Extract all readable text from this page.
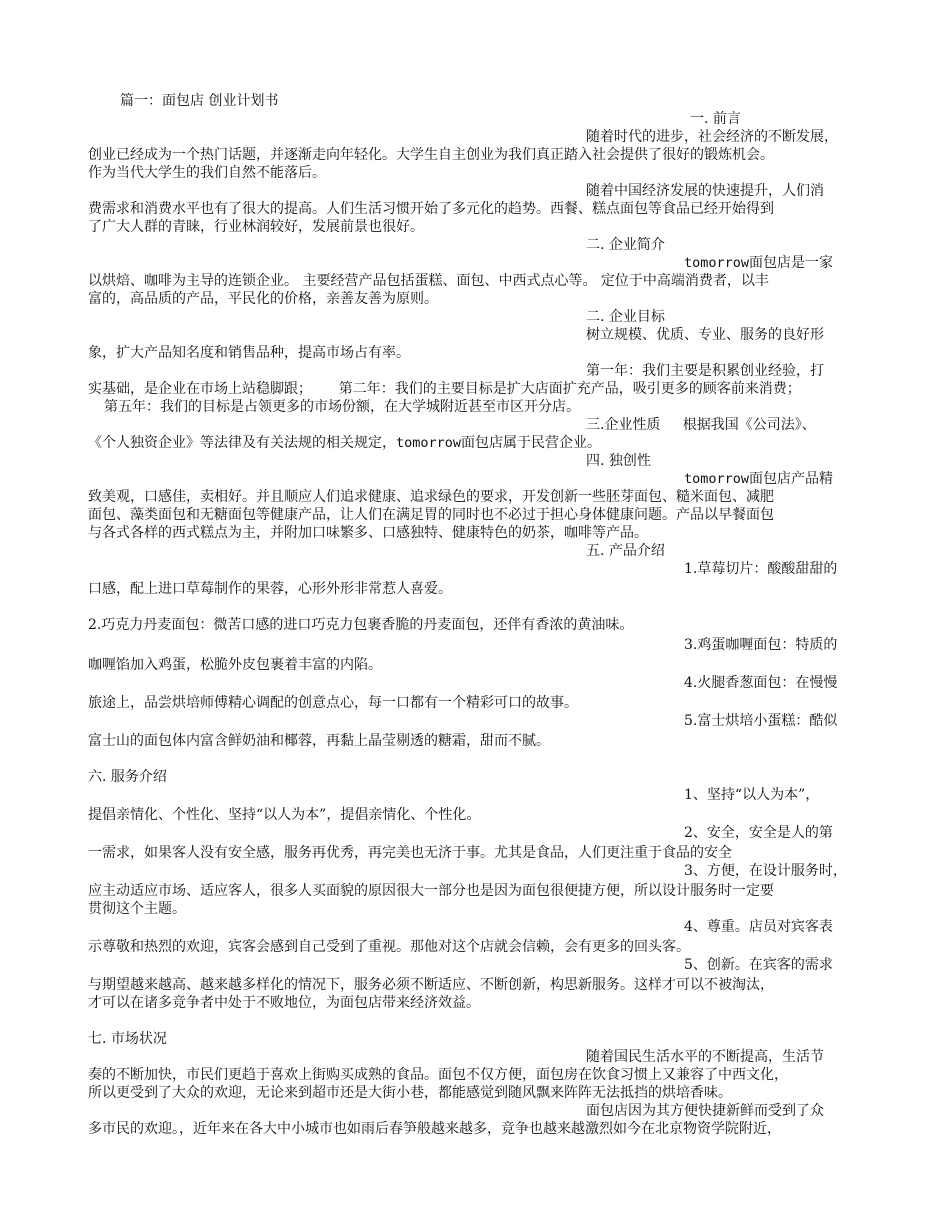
篇一：面包店 创业计划书
一. 前言
随着时代的进步，社会经济的不断发展，
创业已经成为一个热门话题，并逐渐走向年轻化。大学生自主创业为我们真正踏入社会提供了很好的锻炼机会。
作为当代大学生的我们自然不能落后。
随着中国经济发展的快速提升，人们消
费需求和消费水平也有了很大的提高。人们生活习惯开始了多元化的趋势。西餐、糕点面包等食品已经开始得到
了广大人群的青睐，行业林润较好，发展前景也很好。
二. 企业简介
tomorrow面包店是一家
以烘焙、咖啡为主导的连锁企业。 主要经营产品包括蛋糕、面包、中西式点心等。 定位于中高端消费者，以丰
富的，高品质的产品，平民化的价格，亲善友善为原则。
二. 企业目标
树立规模、优质、专业、服务的良好形
象，扩大产品知名度和销售品种，提高市场占有率。
第一年：我们主要是积累创业经验，打
实基础，是企业在市场上站稳脚跟；      第二年：我们的主要目标是扩大店面扩充产品，吸引更多的顾客前来消费；
第五年：我们的目标是占领更多的市场份额，在大学城附近甚至市区开分店。
三.企业性质     根据我国《公司法》、
《个人独资企业》等法律及有关法规的相关规定，tomorrow面包店属于民营企业。
四. 独创性
tomorrow面包店产品精
致美观，口感佳，卖相好。并且顺应人们追求健康、追求绿色的要求，开发创新一些胚芽面包、糙米面包、减肥
面包、藻类面包和无糖面包等健康产品，让人们在满足胃的同时也不必过于担心身体健康问题。产品以早餐面包
与各式各样的西式糕点为主，并附加口味繁多、口感独特、健康特色的奶茶，咖啡等产品。
五. 产品介绍
1.草莓切片：酸酸甜甜的
口感，配上进口草莓制作的果蓉，心形外形非常惹人喜爱。
2.巧克力丹麦面包：微苦口感的进口巧克力包裹香脆的丹麦面包，还伴有香浓的黄油味。
3.鸡蛋咖喱面包：特质的
咖喱馅加入鸡蛋，松脆外皮包裹着丰富的内陷。
4.火腿香葱面包：在慢慢
旅途上，品尝烘培师傅精心调配的创意点心，每一口都有一个精彩可口的故事。
5.富士烘培小蛋糕：酷似
富士山的面包体内富含鲜奶油和椰蓉，再黏上晶莹剔透的糖霜，甜而不腻。
六. 服务介绍
1、坚持“以人为本”，
提倡亲情化、个性化、坚持“以人为本”，提倡亲情化、个性化。
2、安全，安全是人的第
一需求，如果客人没有安全感，服务再优秀，再完美也无济于事。尤其是食品，人们更注重于食品的安全
3、方便，在设计服务时，
应主动适应市场、适应客人，很多人买面貌的原因很大一部分也是因为面包很便捷方便，所以设计服务时一定要
贯彻这个主题。
4、尊重。店员对宾客表
示尊敬和热烈的欢迎，宾客会感到自己受到了重视。那他对这个店就会信赖，会有更多的回头客。
5、创新。在宾客的需求
与期望越来越高、越来越多样化的情况下，服务必须不断适应、不断创新，构思新服务。这样才可以不被淘汰，
才可以在诸多竞争者中处于不败地位，为面包店带来经济效益。
七. 市场状况
随着国民生活水平的不断提高，生活节
奏的不断加快，市民们更趋于喜欢上街购买成熟的食品。面包不仅方便，面包房在饮食习惯上又兼容了中西文化，
所以更受到了大众的欢迎，无论来到超市还是大街小巷，都能感觉到随风飘来阵阵无法抵挡的烘培香味。
面包店因为其方便快捷新鲜而受到了众
多市民的欢迎。，近年来在各大中小城市也如雨后春笋般越来越多，竞争也越来越激烈如今在北京物资学院附近，
